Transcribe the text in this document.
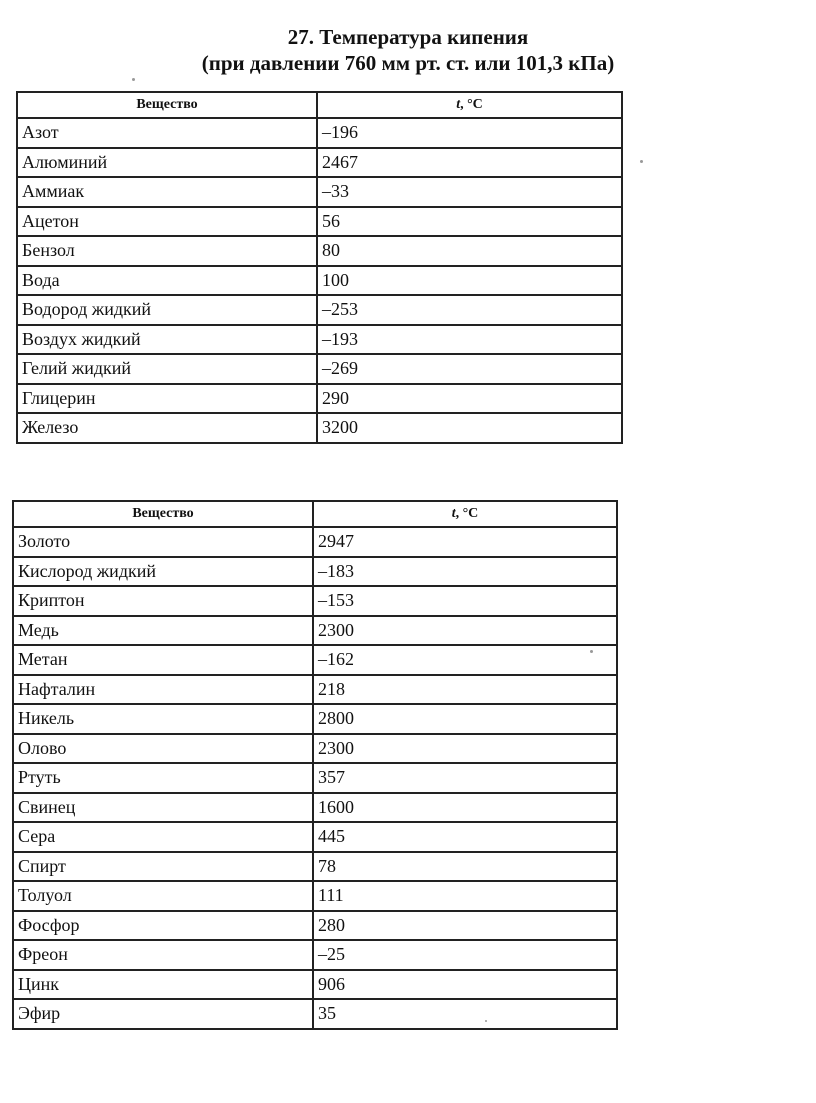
27. Температура кипения
(при давлении 760 мм рт. ст. или 101,3 кПа)
Вещество	t, °C
Азот	–196
Алюминий	2467
Аммиак	–33
Ацетон	56
Бензол	80
Вода	100
Водород жидкий	–253
Воздух жидкий	–193
Гелий жидкий	–269
Глицерин	290
Железо	3200
Вещество	t, °C
Золото	2947
Кислород жидкий	–183
Криптон	–153
Медь	2300
Метан	–162
Нафталин	218
Никель	2800
Олово	2300
Ртуть	357
Свинец	1600
Сера	445
Спирт	78
Толуол	111
Фосфор	280
Фреон	–25
Цинк	906
Эфир	35
